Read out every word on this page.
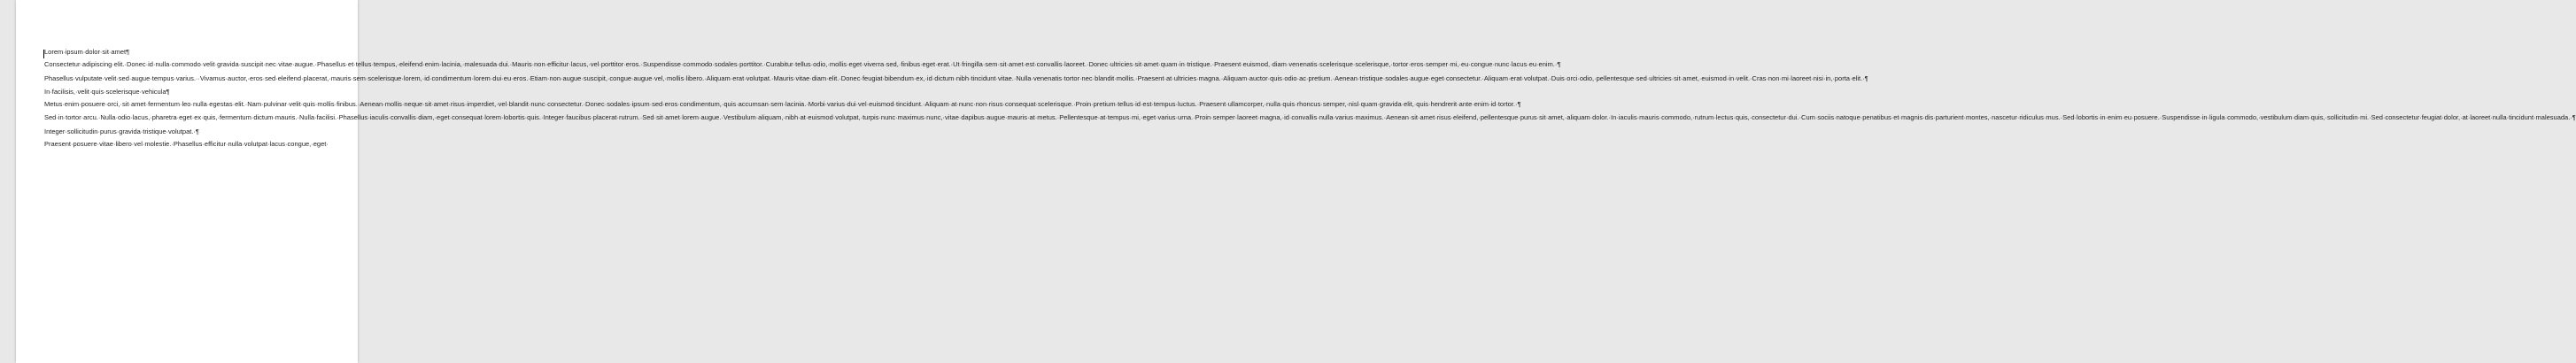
Lorem·ipsum·dolor·sit·amet¶

Consectetur·adipiscing·elit.·Donec·id·nulla·commodo·velit·gravida·suscipit·nec·vitae·augue.·Phasellus·et·tellus·tempus,·eleifend·enim·lacinia,·malesuada·dui.·Mauris·non·efficitur·lacus,·vel·porttitor·eros.·Suspendisse·commodo·sodales·porttitor.·Curabitur·tellus·odio,·mollis·eget·viverra·sed,·finibus·eget·erat.·Ut·fringilla·sem·sit·amet·est·convallis·laoreet.·Donec·ultricies·sit·amet·quam·in·tristique.·Praesent·euismod,·diam·venenatis·scelerisque·scelerisque,·tortor·eros·semper·mi,·eu·congue·nunc·lacus·eu·enim.·¶

Phasellus·vulputate·velit·sed·augue·tempus·varius.··Vivamus·auctor,·eros·sed·eleifend·placerat,·mauris·sem·scelerisque·lorem,·id·condimentum·lorem·dui·eu·eros.·Etiam·non·augue·suscipit,·congue·augue·vel,·mollis·libero.·Aliquam·erat·volutpat.·Mauris·vitae·diam·elit.·Donec·feugiat·bibendum·ex,·id·dictum·nibh·tincidunt·vitae.·Nulla·venenatis·tortor·nec·blandit·mollis.·Praesent·at·ultricies·magna.·Aliquam·auctor·quis·odio·ac·pretium.·Aenean·tristique·sodales·augue·eget·consectetur.·Aliquam·erat·volutpat.·Duis·orci·odio,·pellentesque·sed·ultricies·sit·amet,·euismod·in·velit.·Cras·non·mi·laoreet·nisi·in,·porta·elit.·¶

In·facilisis,·velit·quis·scelerisque·vehicula¶

Metus·enim·posuere·orci,·sit·amet·fermentum·leo·nulla·egestas·elit.·Nam·pulvinar·velit·quis·mollis·finibus.·Aenean·mollis·neque·sit·amet·risus·imperdiet,·vel·blandit·nunc·consectetur.·Donec·sodales·ipsum·sed·eros·condimentum,·quis·accumsan·sem·lacinia.·Morbi·varius·dui·vel·euismod·tincidunt.·Aliquam·at·nunc·non·risus·consequat·scelerisque.·Proin·pretium·tellus·id·est·tempus·luctus.·Praesent·ullamcorper,·nulla·quis·rhoncus·semper,·nisl·quam·gravida·elit,·quis·hendrerit·ante·enim·id·tortor.·¶

Sed·in·tortor·arcu.·Nulla·odio·lacus,·pharetra·eget·ex·quis,·fermentum·dictum·mauris.·Nulla·facilisi.·Phasellus·iaculis·convallis·diam,·eget·consequat·lorem·lobortis·quis.·Integer·faucibus·placerat·rutrum.·Sed·sit·amet·lorem·augue.·Vestibulum·aliquam,·nibh·at·euismod·volutpat,·turpis·nunc·maximus·nunc,·vitae·dapibus·augue·mauris·at·metus.·Pellentesque·at·tempus·mi,·eget·varius·urna.·Proin·semper·laoreet·magna,·id·convallis·nulla·varius·maximus.·Aenean·sit·amet·risus·eleifend,·pellentesque·purus·sit·amet,·aliquam·dolor.·In·iaculis·mauris·commodo,·rutrum·lectus·quis,·consectetur·dui.·Cum·sociis·natoque·penatibus·et·magnis·dis·parturient·montes,·nascetur·ridiculus·mus.·Sed·lobortis·in·enim·eu·posuere.·Suspendisse·in·ligula·commodo,·vestibulum·diam·quis,·sollicitudin·mi.·Sed·consectetur·feugiat·dolor,·at·laoreet·nulla·tincidunt·malesuada.·¶

Integer·sollicitudin·purus·gravida·tristique·volutpat.·¶

Praesent·posuere·vitae·libero·vel·molestie.·Phasellus·efficitur·nulla·volutpat·lacus·congue,·eget·
